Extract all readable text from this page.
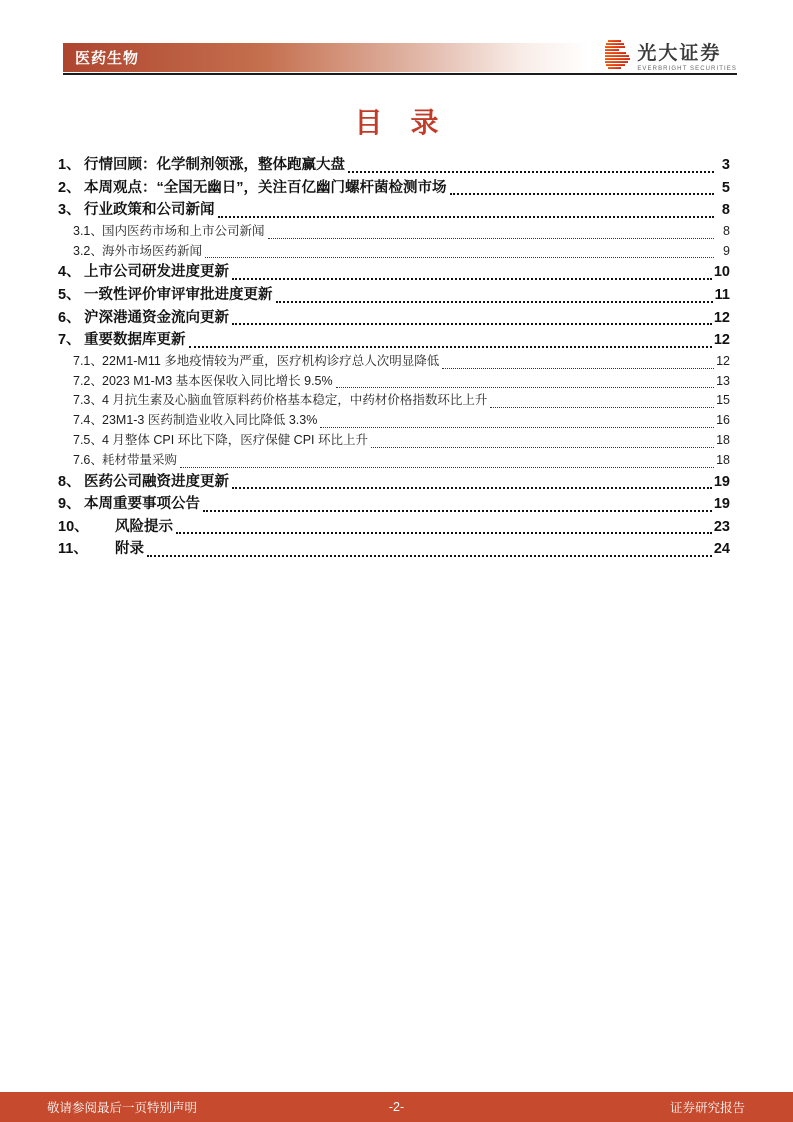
医药生物	光大证券
EVERBRIGHT SECURITIES
目　录
1、 行情回顾：化学制剂领涨，整体跑赢大盘	3
2、 本周观点：“全国无幽日”，关注百亿幽门螺杆菌检测市场	5
3、 行业政策和公司新闻	8
3.1、 国内医药市场和上市公司新闻	8
3.2、 海外市场医药新闻	9
4、 上市公司研发进度更新	10
5、 一致性评价审评审批进度更新	11
6、 沪深港通资金流向更新	12
7、 重要数据库更新	12
7.1、 22M1-M11 多地疫情较为严重，医疗机构诊疗总人次明显降低	12
7.2、 2023 M1-M3 基本医保收入同比增长 9.5%	13
7.3、 4 月抗生素及心脑血管原料药价格基本稳定，中药材价格指数环比上升	15
7.4、 23M1-3 医药制造业收入同比降低 3.3%	16
7.5、 4 月整体 CPI 环比下降，医疗保健 CPI 环比上升	18
7.6、 耗材带量采购	18
8、 医药公司融资进度更新	19
9、 本周重要事项公告	19
10、	风险提示	23
11、	附录	24
敬请参阅最后一页特别声明	-2-	证券研究报告
